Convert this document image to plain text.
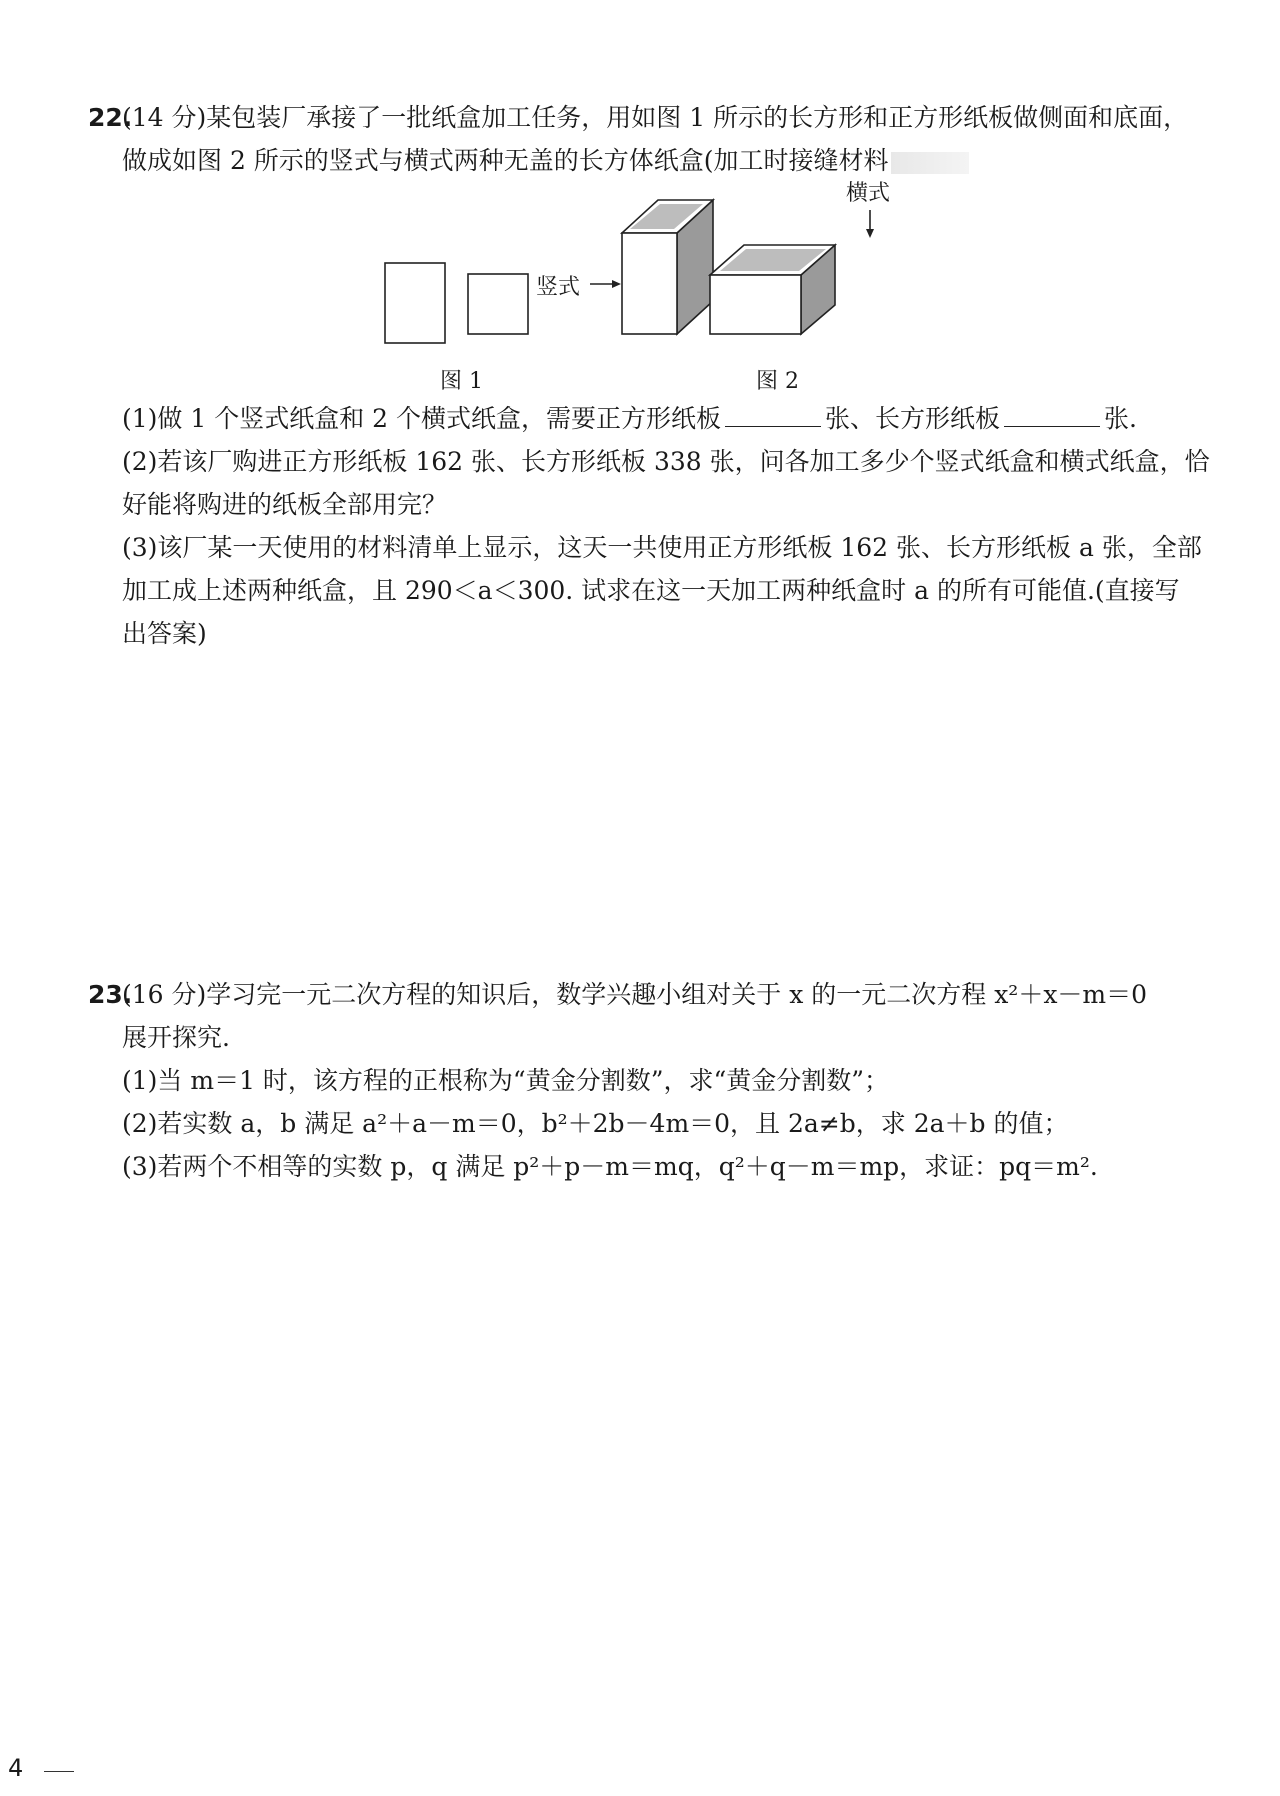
22.
(14 分)某包装厂承接了一批纸盒加工任务，用如图 1 所示的长方形和正方形纸板做侧面和底面，
做成如图 2 所示的竖式与横式两种无盖的长方体纸盒(加工时接缝材料
横式
竖式
图 1	图 2
(1)做 1 个竖式纸盒和 2 个横式纸盒，需要正方形纸板	张、长方形纸板	张.
(2)若该厂购进正方形纸板 162 张、长方形纸板 338 张，问各加工多少个竖式纸盒和横式纸盒，恰
好能将购进的纸板全部用完？
(3)该厂某一天使用的材料清单上显示，这天一共使用正方形纸板 162 张、长方形纸板 a 张，全部
加工成上述两种纸盒，且 290＜a＜300. 试求在这一天加工两种纸盒时 a 的所有可能值.(直接写
出答案)
23.
(16 分)学习完一元二次方程的知识后，数学兴趣小组对关于 x 的一元二次方程 x²＋x－m＝0
展开探究.
(1)当 m＝1 时，该方程的正根称为“黄金分割数”，求“黄金分割数”；
(2)若实数 a，b 满足 a²＋a－m＝0，b²＋2b－4m＝0，且 2a≠b，求 2a＋b 的值；
(3)若两个不相等的实数 p，q 满足 p²＋p－m＝mq，q²＋q－m＝mp，求证：pq＝m².
4
